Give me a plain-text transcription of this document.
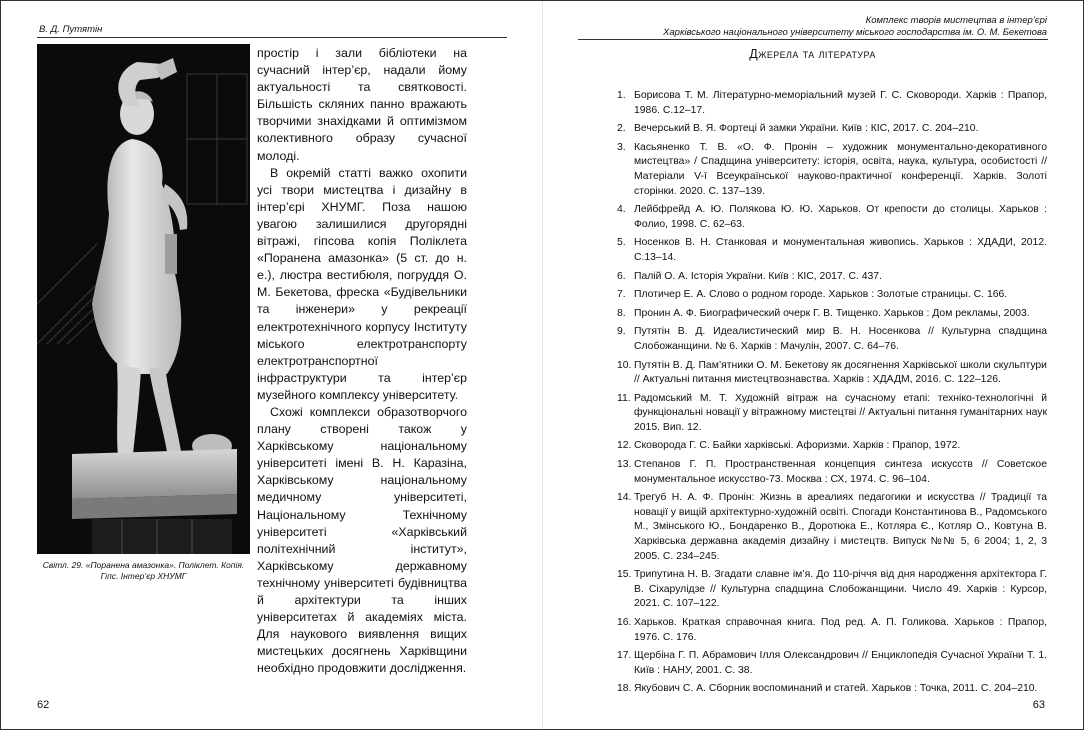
В. Д. Путятін
Світл. 29. «Поранена амазонка». Поліклет. Копія. Гіпс. Інтер’єр ХНУМГ

простір і зали бібліотеки на сучасний інтер’єр, надали йому актуальності та святковості. Більшість скляних панно вражають творчими знахідками й оптимізмом колективного образу сучасної молоді.

В окремій статті важко охопити усі твори мистецтва і дизайну в інтер’єрі ХНУМГ. Поза нашою увагою залишилися другорядні вітражі, гіпсова копія Поліклета «Поранена амазонка» (5 ст. до н. е.), люстра вестибюля, погруддя О. М. Бекетова, фреска «Будівельники та інженери» у рекреації електротехнічного корпусу Інституту міського електротранспорту електротранспортної інфраструктури та інтер’єр музейного комплексу університету.

Схожі комплекси образотворчого плану створені також у Харківському національному університеті імені В. Н. Каразіна, Харківському національному медичному університеті, Національному Технічному університеті «Харківський політехнічний інститут», Харківському державному технічному університеті будівництва й архітектури та інших університетах й академіях міста. Для наукового виявлення вищих мистецьких досягнень Харківщини необхідно продовжити дослідження.

62
Комплекс творів мистецтва в інтер’єрі
Харківського національного університету міського господарства ім. О. М. Бекетова
Джерела та література
1. Борисова Т. М. Літературно-меморіальний музей Г. С. Сковороди. Харків : Прапор, 1986. С.12–17.
2. Вечерський В. Я. Фортеці й замки України. Київ : КІС, 2017. С. 204–210.
3. Касьяненко Т. В. «О. Ф. Пронін – художник монументально-декоративного мистецтва» / Спадщина університету: історія, освіта, наука, культура, особистості // Матеріали V-ї Всеукраїнської науково-практичної конференції. Харків. Золоті сторінки. 2020. С. 137–139.
4. Лейбфрейд А. Ю. Полякова Ю. Ю. Харьков. От крепости до столицы. Харьков : Фолио, 1998. С. 62–63.
5. Носенков В. Н. Станковая и монументальная живопись. Харьков : ХДАДИ, 2012. С.13–14.
6. Палій О. А. Історія України. Київ : КІС, 2017. С. 437.
7. Плотичер Е. А. Слово о родном городе. Харьков : Золотые страницы. С. 166.
8. Пронин А. Ф. Биографический очерк Г. В. Тищенко. Харьков : Дом рекламы, 2003.
9. Путятін В. Д. Идеалистический мир В. Н. Носенкова // Культурна спадщина Слобожанщини. № 6. Харків : Мачулін, 2007. С. 64–76.
10. Путятін В. Д. Пам’ятники О. М. Бекетову як досягнення Харківської школи скульптури // Актуальні питання мистецтвознавства. Харків : ХДАДМ, 2016. С. 122–126.
11. Радомський М. Т. Художній вітраж на сучасному етапі: техніко-технологічні й функціональні новації у вітражному мистецтві // Актуальні питання гуманітарних наук 2015. Вип. 12.
12. Сковорода Г. С. Байки харківські. Афоризми. Харків : Прапор, 1972.
13. Степанов Г. П. Пространственная концепция синтеза искусств // Советское монументальное искусство-73. Москва : СХ, 1974. С. 96–104.
14. Трегуб Н. А. Ф. Пронін: Жизнь в ареалиях педагогики и искусства // Традиції та новації у вищій архітектурно-художній освіті. Спогади Константинова В., Радомського М., Змінського Ю., Бондаренко В., Доротюка Е., Котляра Є., Котляр О., Ковтуна В. Харківська державна академія дизайну і мистецтв. Випуск №№ 5, 6 2004; 1, 2, 3 2005. С. 234–245.
15. Трипутина Н. В. Згадати славне ім’я. До 110-річчя від дня народження архітектора Г. В. Сіхарулідзе // Культурна спадщина Слобожанщини. Число 49. Харків : Курсор, 2021. С. 107–122.
16. Харьков. Краткая справочная книга. Под ред. А. П. Голикова. Харьков : Прапор, 1976. С. 176.
17. Щербіна Г. П. Абрамович Ілля Олександрович // Енциклопедія Сучасної України Т. 1. Київ : НАНУ, 2001. С. 38.
18. Якубович С. А. Сборник воспоминаний и статей. Харьков : Точка, 2011. С. 204–210.
63
